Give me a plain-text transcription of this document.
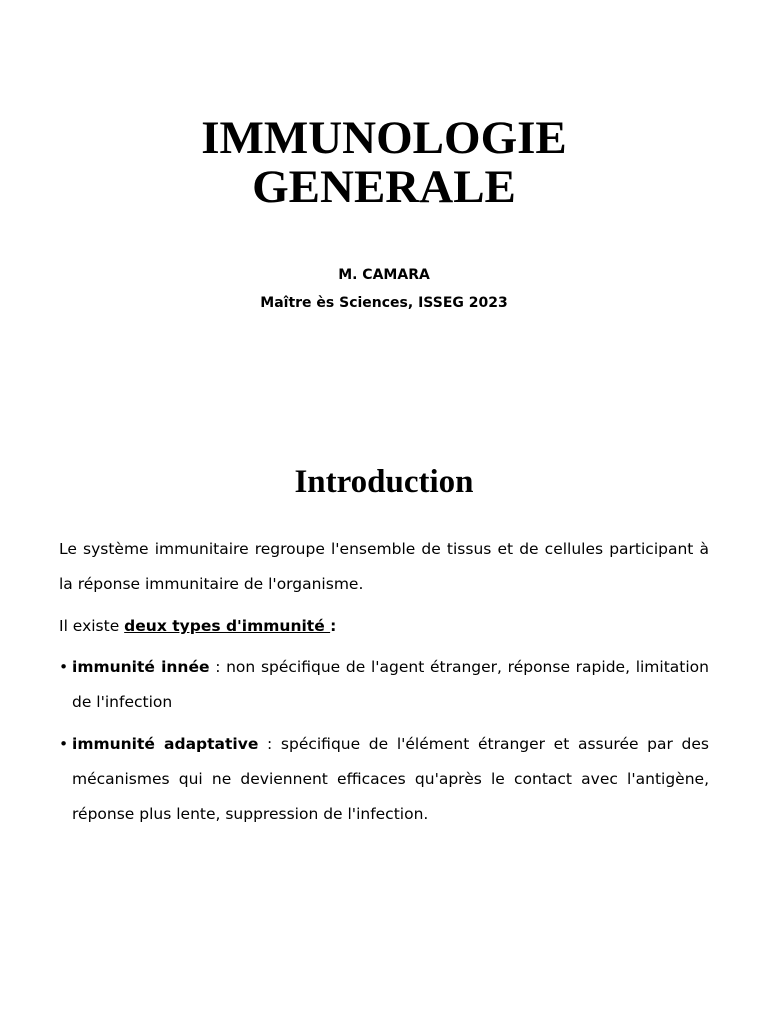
IMMUNOLOGIE
GENERALE
M. CAMARA
Maître ès Sciences, ISSEG 2023
Introduction

Le système immunitaire regroupe l'ensemble de tissus et de cellules participant à la réponse immunitaire de l'organisme.

Il existe deux types d'immunité :

• immunité innée : non spécifique de l'agent étranger, réponse rapide, limitation de l'infection
• immunité adaptative : spécifique de l'élément étranger et assurée par des mécanismes qui ne deviennent efficaces qu'après le contact avec l'antigène, réponse plus lente, suppression de l'infection.
